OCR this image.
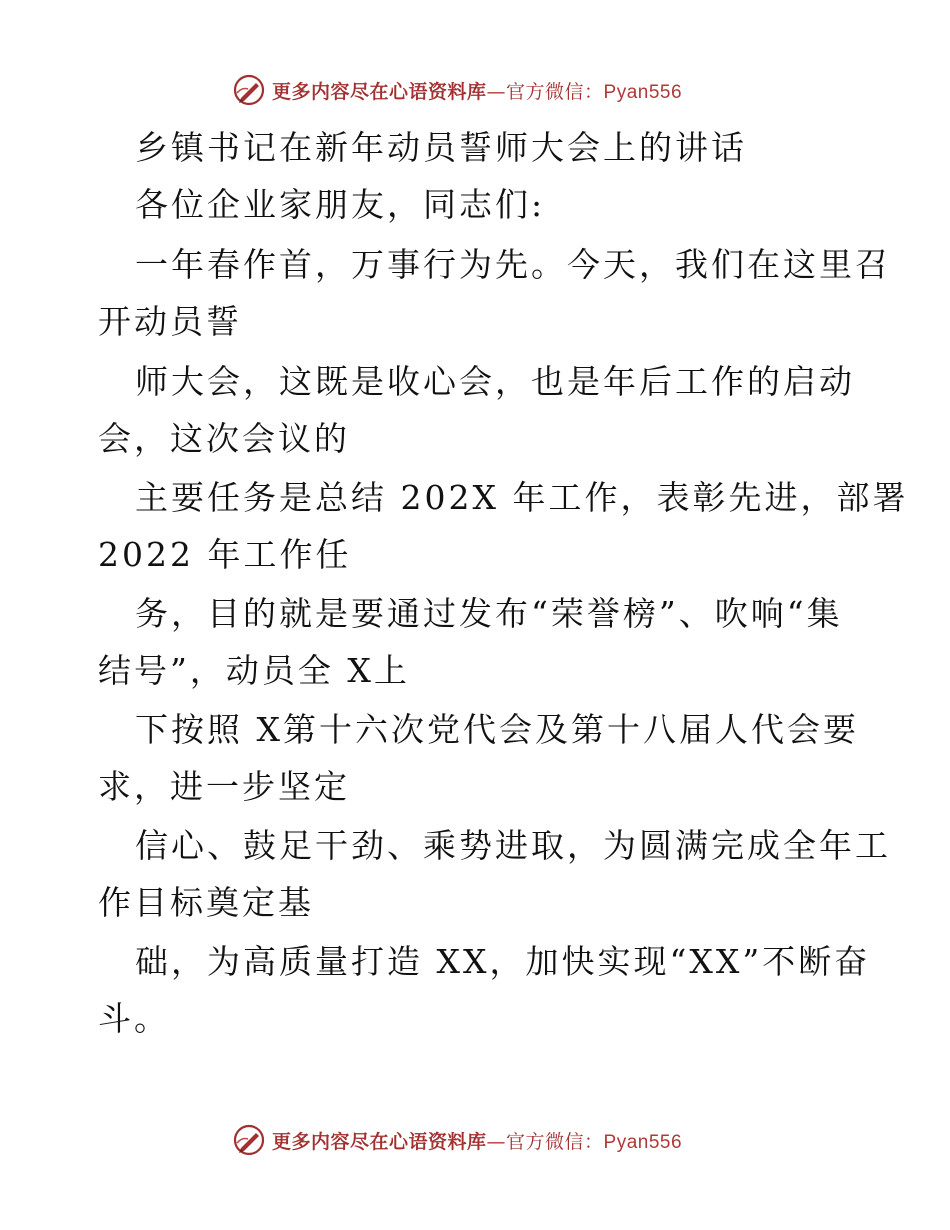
更多内容尽在心语资料库—官方微信：Pyan556
乡镇书记在新年动员誓师大会上的讲话
各位企业家朋友，同志们:
一年春作首，万事行为先。今天，我们在这里召
开动员誓
师大会，这既是收心会，也是年后工作的启动
会，这次会议的
主要任务是总结 202X 年工作，表彰先进，部署
2022 年工作任
务，目的就是要通过发布“荣誉榜”、吹响“集
结号”，动员全 X上
下按照 X第十六次党代会及第十八届人代会要
求，进一步坚定
信心、鼓足干劲、乘势进取，为圆满完成全年工
作目标奠定基
础，为高质量打造 XX，加快实现“XX”不断奋
斗。
更多内容尽在心语资料库—官方微信：Pyan556
